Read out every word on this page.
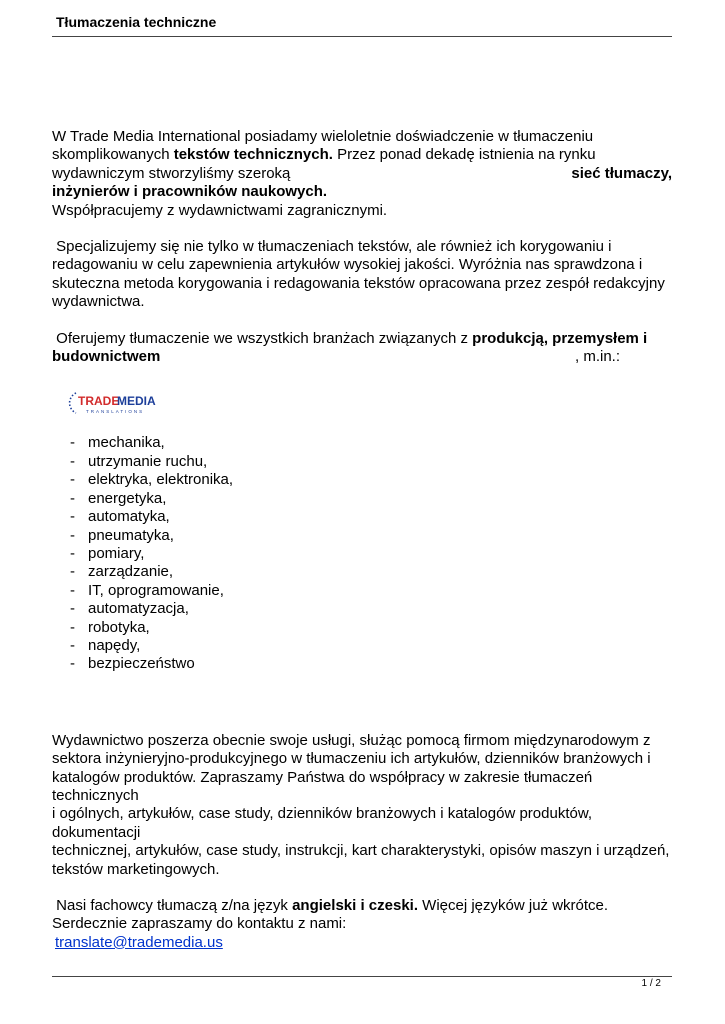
Tłumaczenia techniczne

W Trade Media International posiadamy wieloletnie doświadczenie w tłumaczeniu

skomplikowanych tekstów technicznych. Przez ponad dekadę istnienia na rynku

wydawniczym stworzyliśmy szeroką	sieć tłumaczy,

inżynierów i pracowników naukowych.

Współpracujemy z wydawnictwami zagranicznymi.

Specjalizujemy się nie tylko w tłumaczeniach tekstów, ale również ich korygowaniu i

redagowaniu w celu zapewnienia artykułów wysokiej jakości. Wyróżnia nas sprawdzona i

skuteczna metoda korygowania i redagowania tekstów opracowana przez zespół redakcyjny

wydawnictwa.

Oferujemy tłumaczenie we wszystkich branżach związanych z produkcją, przemysłem i

budownictwem	, m.in.:

TRADE
MEDIA
TRANSLATIONS
- mechanika,
- utrzymanie ruchu,
- elektryka, elektronika,
- energetyka,
- automatyka,
- pneumatyka,
- pomiary,
- zarządzanie,
- IT, oprogramowanie,
- automatyzacja,
- robotyka,
- napędy,
- bezpieczeństwo

Wydawnictwo poszerza obecnie swoje usługi, służąc pomocą firmom międzynarodowym z

sektora inżynieryjno-produkcyjnego w tłumaczeniu ich artykułów, dzienników branżowych i

katalogów produktów. Zapraszamy Państwa do współpracy w zakresie tłumaczeń technicznych

i ogólnych, artykułów, case study, dzienników branżowych i katalogów produktów, dokumentacji

technicznej, artykułów, case study, instrukcji, kart charakterystyki, opisów maszyn i urządzeń,

tekstów marketingowych.

Nasi fachowcy tłumaczą z/na język angielski i czeski. Więcej języków już wkrótce.

Serdecznie zapraszamy do kontaktu z nami:

translate@trademedia.us

1 / 2
